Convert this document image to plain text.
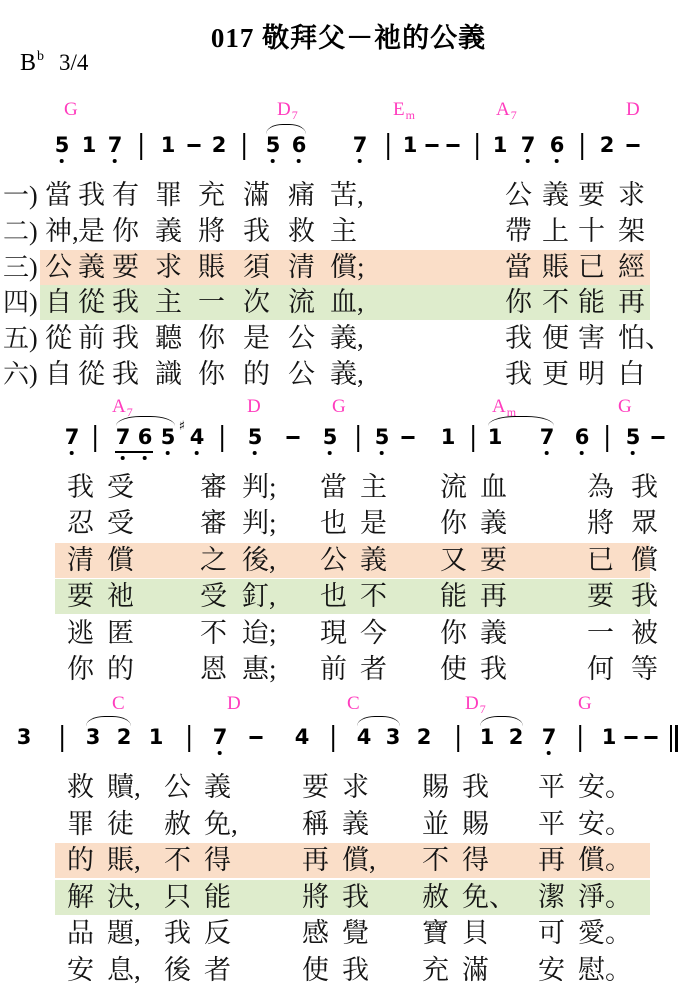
017 敬拜父－祂的公義
$B^b$ 3/4
G	$D_7$	$E_m$	$A_7$	D
5 1 7 1 2 5 6 7 1	1 7 6 2
一) 當 我 有 罪 充 滿 痛 苦,	公 義 要 求
二) 神, 是 你 義 將 我 救 主	帶 上 十 架
三) 公 義 要 求 賬 須 清 償;	當 賬 已 經
四) 自 從 我 主 一 次 流 血,	你 不 能 再
五) 從 前 我 聽 你 是 公 義,	我 便 害 怕、
六) 自 從 我 識 你 的 公 義,	我 更 明 白
$A_7$	D	G	$A_m$	G
7 7 6 5 ♯ 4 5	5 5 1 1 7 6 5
我 受 審 判; 當 主 流 血	為 我
忍 受 審 判; 也 是 你 義	將 眾
清 償 之 後, 公 義 又 要	已 償
要 祂 受 釘, 也 不 能 再	要 我
逃 匿 不 迨; 現 今 你 義	一 被
你 的 恩 惠; 前 者 使 我	何 等
C	D	C	$D_7$	G
3	3 2 1 7	4 4 3 2 1 2 7 1
救 贖, 公 義	要 求 賜 我 平 安。
罪 徒 赦 免, 稱 義 並 賜 平 安。
的 賬, 不 得	再 償, 不 得 再 償。
解 決, 只 能	將 我 赦 免、 潔 淨。
品 題, 我 反	感 覺 寶 貝 可 愛。
安 息, 後 者	使 我 充 滿 安 慰。
